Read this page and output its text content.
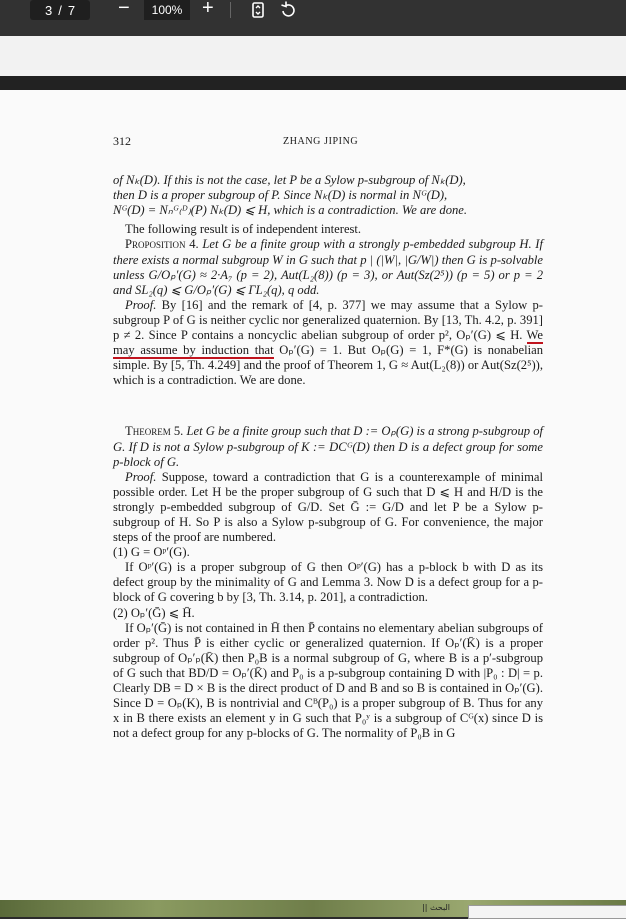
3 / 7 −	100% +
312	ZHANG JIPING

of Nₖ(D). If this is not the case, let P be a Sylow p-subgroup of Nₖ(D),

then D is a proper subgroup of P. Since Nₖ(D) is normal in Nᴳ(D),

Nᴳ(D) = Nₙᴳ₍ᴰ₎(P) Nₖ(D) ⩽ H, which is a contradiction. We are done.

The following result is of independent interest.

Proposition 4. Let G be a finite group with a strongly p-embedded subgroup H. If there exists a normal subgroup W in G such that p | (|W|, |G/W|) then G is p-solvable unless G/Oₚ′(G) ≈ 2·A₇ (p = 2), Aut(L₂(8)) (p = 3), or Aut(Sz(2⁵)) (p = 5) or p = 2 and SL₂(q) ⩽ G/Oₚ′(G) ⩽ ΓL₂(q), q odd.

Proof. By [16] and the remark of [4, p. 377] we may assume that a Sylow p-subgroup P of G is neither cyclic nor generalized quaternion. By [13, Th. 4.2, p. 391] p ≠ 2. Since P contains a noncyclic abelian subgroup of order p², Oₚ′(G) ⩽ H. We may assume by induction that Oₚ′(G) = 1. But Oₚ(G) = 1, F*(G) is nonabelian simple. By [5, Th. 4.249] and the proof of Theorem 1, G ≈ Aut(L₂(8)) or Aut(Sz(2⁵)), which is a contradiction. We are done.

Theorem 5. Let G be a finite group such that D := Oₚ(G) is a strong p-subgroup of G. If D is not a Sylow p-subgroup of K := DCᴳ(D) then D is a defect group for some p-block of G.

Proof. Suppose, toward a contradiction that G is a counterexample of minimal possible order. Let H be the proper subgroup of G such that D ⩽ H and H/D is the strongly p-embedded subgroup of G/D. Set Ḡ := G/D and let P be a Sylow p-subgroup of H. So P is also a Sylow p-subgroup of G. For convenience, the major steps of the proof are numbered.

(1) G = Oᵖ′(G).

If Oᵖ′(G) is a proper subgroup of G then Oᵖ′(G) has a p-block b with D as its defect group by the minimality of G and Lemma 3. Now D is a defect group for a p-block of G covering b by [3, Th. 3.14, p. 201], a contradiction.

(2) Oₚ′(Ḡ) ⩽ H̄.

If Oₚ′(Ḡ) is not contained in H̄ then P̄ contains no elementary abelian subgroups of order p². Thus P̄ is either cyclic or generalized quaternion. If Oₚ′(K̄) is a proper subgroup of Oₚ′ₚ(K̄) then P₀B is a normal subgroup of G, where B is a p′-subgroup of G such that BD/D = Oₚ′(K̄) and P₀ is a p-subgroup containing D with |P₀ : D| = p. Clearly DB = D × B is the direct product of D and B and so B is contained in Oₚ′(G). Since D = Oₚ(K), B is nontrivial and Cᴮ(P₀) is a proper subgroup of B. Thus for any x in B there exists an element y in G such that P₀ʸ is a subgroup of Cᴳ(x) since D is not a defect group for any p-blocks of G. The normality of P₀B in G

|| البحث
